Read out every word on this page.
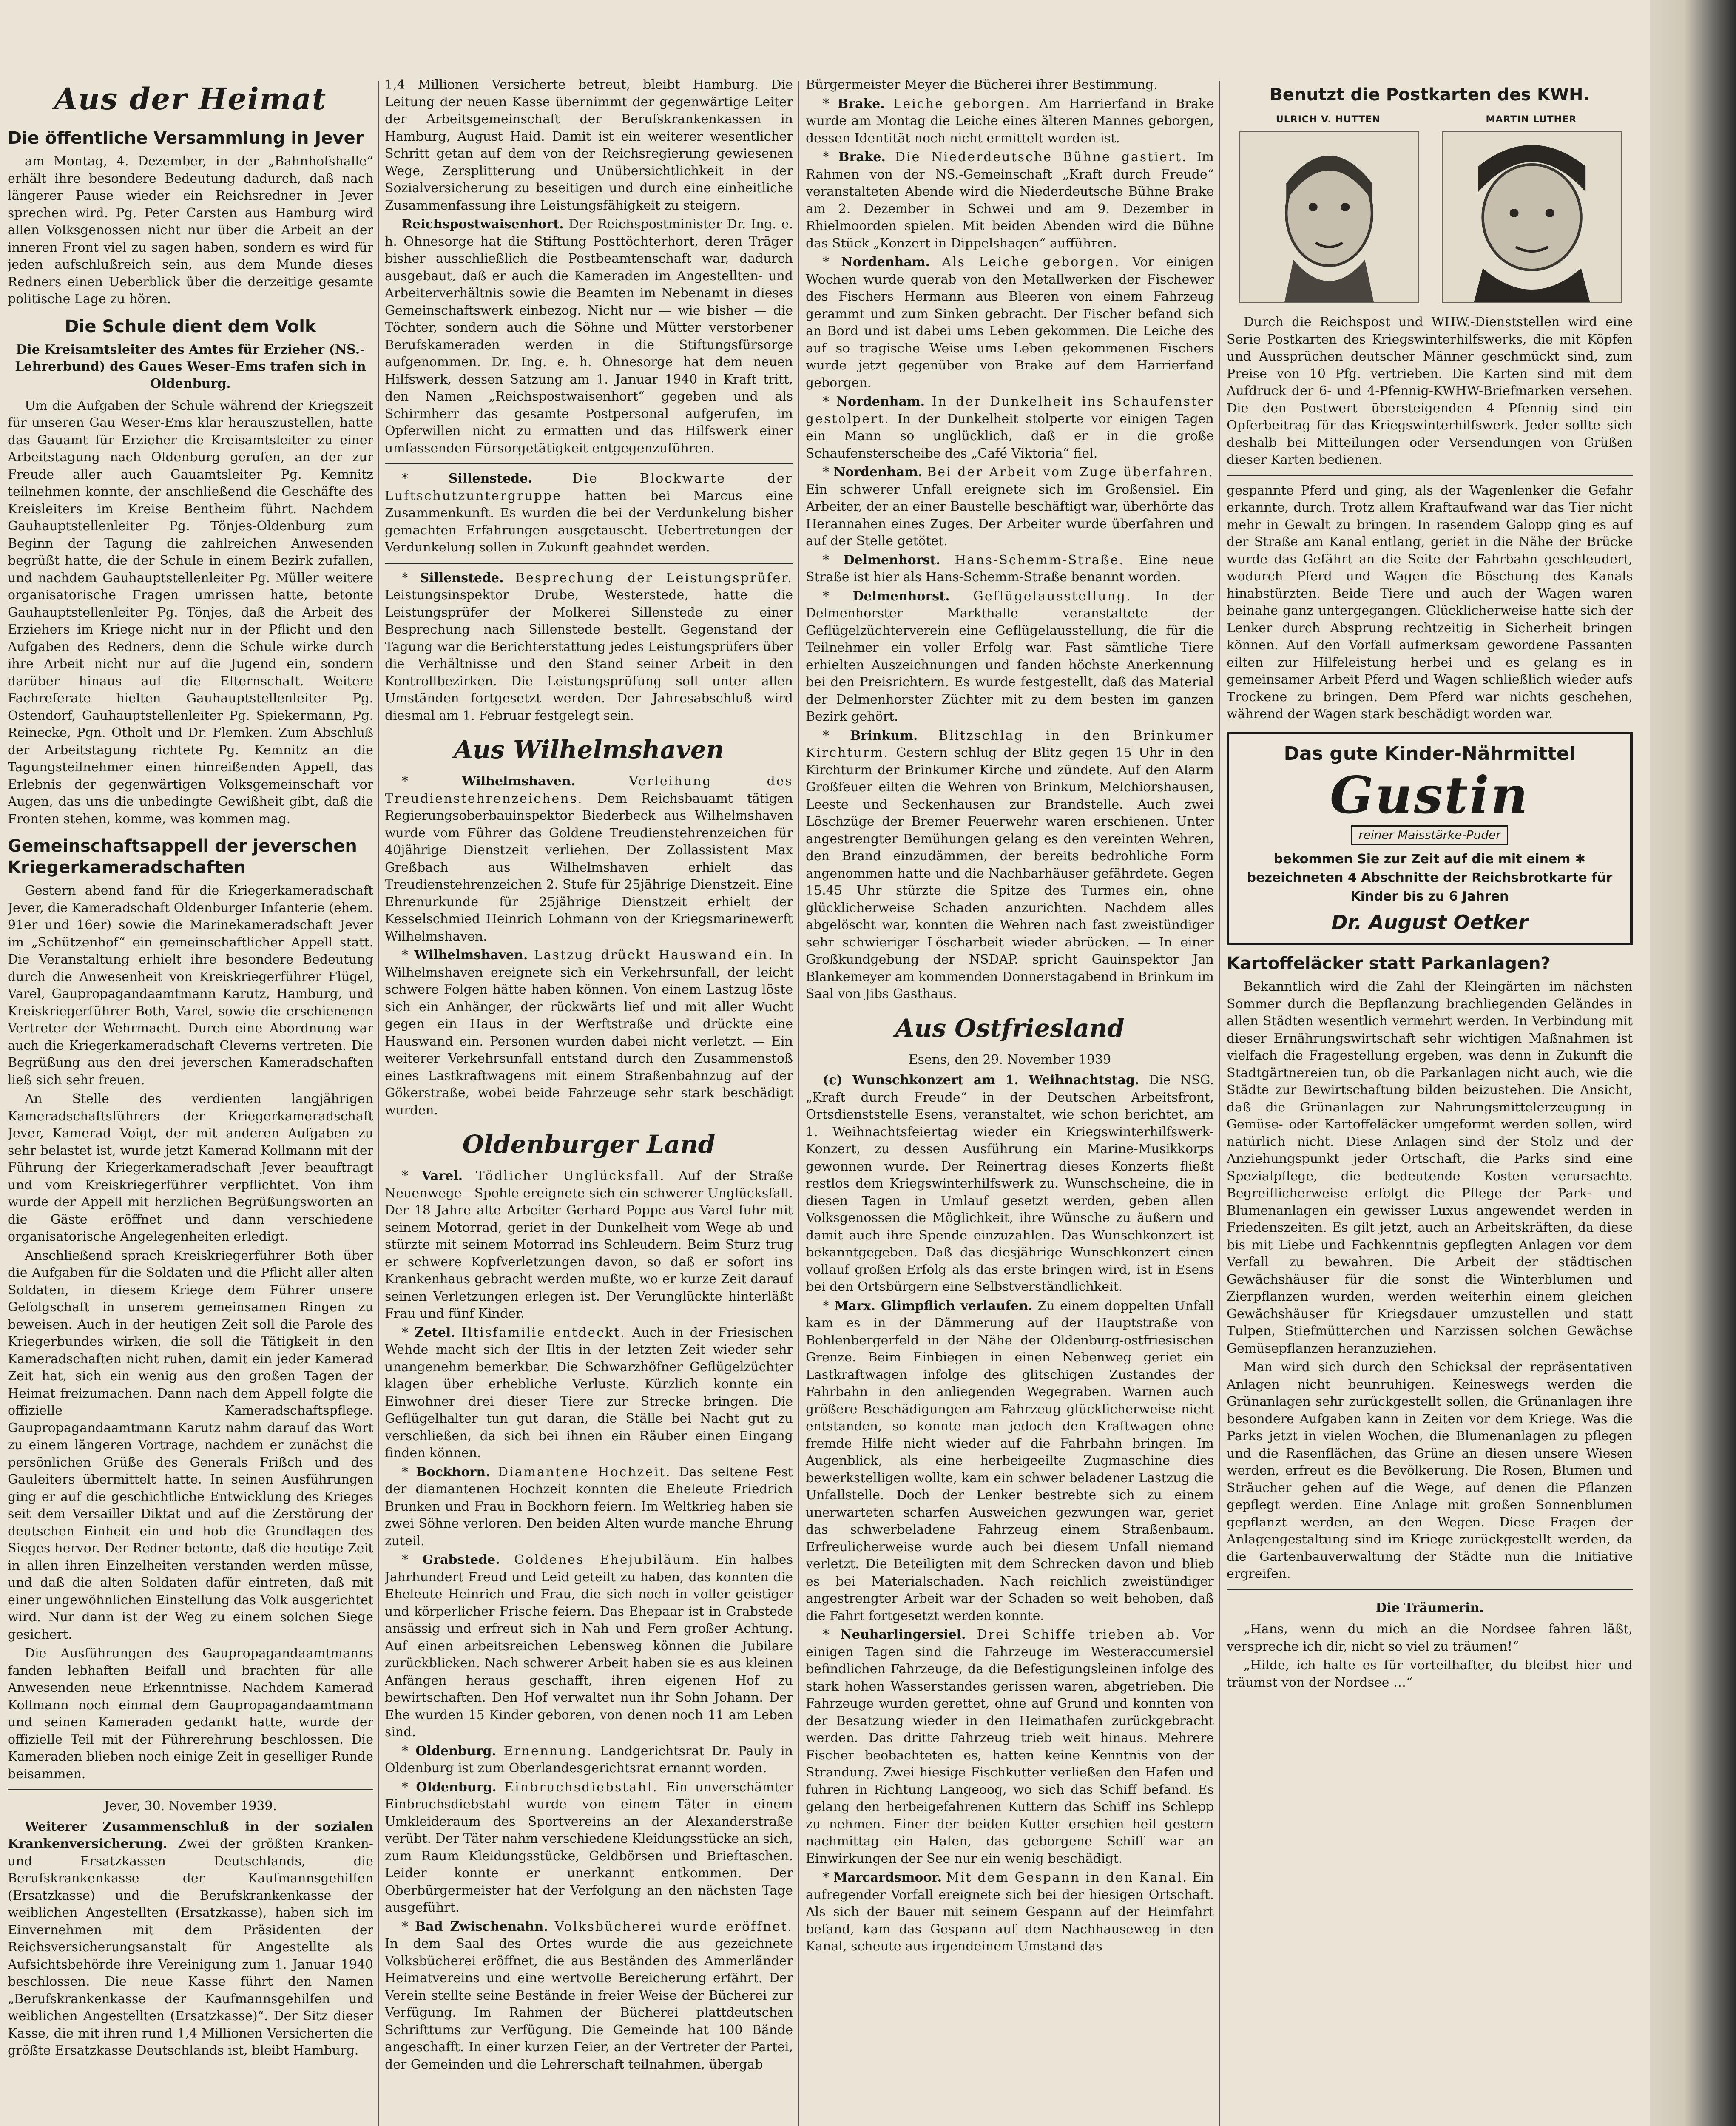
Aus der Heimat
Die öffentliche Versammlung in Jever

am Montag, 4. Dezember, in der „Bahnhofshalle“ erhält ihre besondere Bedeutung dadurch, daß nach längerer Pause wieder ein Reichsredner in Jever sprechen wird. Pg. Peter Carsten aus Hamburg wird allen Volksgenossen nicht nur über die Arbeit an der inneren Front viel zu sagen haben, sondern es wird für jeden aufschlußreich sein, aus dem Munde dieses Redners einen Ueberblick über die derzeitige gesamte politische Lage zu hören.

Die Schule dient dem Volk
Die Kreisamtsleiter des Amtes für Erzieher (NS.-Lehrerbund) des Gaues Weser-Ems trafen sich in Oldenburg.

Um die Aufgaben der Schule während der Kriegszeit für unseren Gau Weser-Ems klar herauszustellen, hatte das Gauamt für Erzieher die Kreisamtsleiter zu einer Arbeitstagung nach Oldenburg gerufen, an der zur Freude aller auch Gauamtsleiter Pg. Kemnitz teilnehmen konnte, der anschließend die Geschäfte des Kreisleiters im Kreise Bentheim führt. Nachdem Gauhauptstellenleiter Pg. Tönjes-Oldenburg zum Beginn der Tagung die zahlreichen Anwesenden begrüßt hatte, die der Schule in einem Bezirk zufallen, und nachdem Gauhauptstellenleiter Pg. Müller weitere organisatorische Fragen umrissen hatte, betonte Gauhauptstellenleiter Pg. Tönjes, daß die Arbeit des Erziehers im Kriege nicht nur in der Pflicht und den Aufgaben des Redners, denn die Schule wirke durch ihre Arbeit nicht nur auf die Jugend ein, sondern darüber hinaus auf die Elternschaft. Weitere Fachreferate hielten Gauhauptstellenleiter Pg. Ostendorf, Gauhauptstellenleiter Pg. Spiekermann, Pg. Reinecke, Pgn. Otholt und Dr. Flemken. Zum Abschluß der Arbeitstagung richtete Pg. Kemnitz an die Tagungsteilnehmer einen hinreißenden Appell, das Erlebnis der gegenwärtigen Volksgemeinschaft vor Augen, das uns die unbedingte Gewißheit gibt, daß die Fronten stehen, komme, was kommen mag.

Gemeinschaftsappell der jeverschen Kriegerkameradschaften

Gestern abend fand für die Kriegerkameradschaft Jever, die Kameradschaft Oldenburger Infanterie (ehem. 91er und 16er) sowie die Marinekameradschaft Jever im „Schützenhof“ ein gemeinschaftlicher Appell statt. Die Veranstaltung erhielt ihre besondere Bedeutung durch die Anwesenheit von Kreiskriegerführer Flügel, Varel, Gaupropagandaamtmann Karutz, Hamburg, und Kreiskriegerführer Both, Varel, sowie die erschienenen Vertreter der Wehrmacht. Durch eine Abordnung war auch die Kriegerkameradschaft Cleverns vertreten. Die Begrüßung aus den drei jeverschen Kameradschaften ließ sich sehr freuen.

An Stelle des verdienten langjährigen Kameradschaftsführers der Kriegerkameradschaft Jever, Kamerad Voigt, der mit anderen Aufgaben zu sehr belastet ist, wurde jetzt Kamerad Kollmann mit der Führung der Kriegerkameradschaft Jever beauftragt und vom Kreiskriegerführer verpflichtet. Von ihm wurde der Appell mit herzlichen Begrüßungsworten an die Gäste eröffnet und dann verschiedene organisatorische Angelegenheiten erledigt.

Anschließend sprach Kreiskriegerführer Both über die Aufgaben für die Soldaten und die Pflicht aller alten Soldaten, in diesem Kriege dem Führer unsere Gefolgschaft in unserem gemeinsamen Ringen zu beweisen. Auch in der heutigen Zeit soll die Parole des Kriegerbundes wirken, die soll die Tätigkeit in den Kameradschaften nicht ruhen, damit ein jeder Kamerad Zeit hat, sich ein wenig aus den großen Tagen der Heimat freizumachen. Dann nach dem Appell folgte die offizielle Kameradschaftspflege. Gaupropagandaamtmann Karutz nahm darauf das Wort zu einem längeren Vortrage, nachdem er zunächst die persönlichen Grüße des Generals Frißch und des Gauleiters übermittelt hatte. In seinen Ausführungen ging er auf die geschichtliche Entwicklung des Krieges seit dem Versailler Diktat und auf die Zerstörung der deutschen Einheit ein und hob die Grundlagen des Sieges hervor. Der Redner betonte, daß die heutige Zeit in allen ihren Einzelheiten verstanden werden müsse, und daß die alten Soldaten dafür eintreten, daß mit einer ungewöhnlichen Einstellung das Volk ausgerichtet wird. Nur dann ist der Weg zu einem solchen Siege gesichert.

Die Ausführungen des Gaupropagandaamtmanns fanden lebhaften Beifall und brachten für alle Anwesenden neue Erkenntnisse. Nachdem Kamerad Kollmann noch einmal dem Gaupropagandaamtmann und seinen Kameraden gedankt hatte, wurde der offizielle Teil mit der Führerehrung beschlossen. Die Kameraden blieben noch einige Zeit in geselliger Runde beisammen.

Jever, 30. November 1939.

Weiterer Zusammenschluß in der sozialen Krankenversicherung. Zwei der größten Kranken- und Ersatzkassen Deutschlands, die Berufskrankenkasse der Kaufmannsgehilfen (Ersatzkasse) und die Berufskrankenkasse der weiblichen Angestellten (Ersatzkasse), haben sich im Einvernehmen mit dem Präsidenten der Reichsversicherungsanstalt für Angestellte als Aufsichtsbehörde ihre Vereinigung zum 1. Januar 1940 beschlossen. Die neue Kasse führt den Namen „Berufskrankenkasse der Kaufmannsgehilfen und weiblichen Angestellten (Ersatzkasse)“. Der Sitz dieser Kasse, die mit ihren rund 1,4 Millionen Versicherten die größte Ersatzkasse Deutschlands ist, bleibt Hamburg.

1,4 Millionen Versicherte betreut, bleibt Hamburg. Die Leitung der neuen Kasse übernimmt der gegenwärtige Leiter der Arbeitsgemeinschaft der Berufskrankenkassen in Hamburg, August Haid. Damit ist ein weiterer wesentlicher Schritt getan auf dem von der Reichsregierung gewiesenen Wege, Zersplitterung und Unübersichtlichkeit in der Sozialversicherung zu beseitigen und durch eine einheitliche Zusammenfassung ihre Leistungsfähigkeit zu steigern.

Reichspostwaisenhort. Der Reichspostminister Dr. Ing. e. h. Ohnesorge hat die Stiftung Posttöchterhort, deren Träger bisher ausschließlich die Postbeamtenschaft war, dadurch ausgebaut, daß er auch die Kameraden im Angestellten- und Arbeiterverhältnis sowie die Beamten im Nebenamt in dieses Gemeinschaftswerk einbezog. Nicht nur — wie bisher — die Töchter, sondern auch die Söhne und Mütter verstorbener Berufskameraden werden in die Stiftungsfürsorge aufgenommen. Dr. Ing. e. h. Ohnesorge hat dem neuen Hilfswerk, dessen Satzung am 1. Januar 1940 in Kraft tritt, den Namen „Reichspostwaisenhort“ gegeben und als Schirmherr das gesamte Postpersonal aufgerufen, im Opferwillen nicht zu ermatten und das Hilfswerk einer umfassenden Fürsorgetätigkeit entgegenzuführen.

* Sillenstede.	Die Blockwarte der Luftschutzuntergruppe hatten bei Marcus eine Zusammenkunft. Es wurden die bei der Verdunkelung bisher gemachten Erfahrungen ausgetauscht. Uebertretungen der Verdunkelung sollen in Zukunft geahndet werden.

* Sillenstede. Besprechung der Leistungsprüfer. Leistungsinspektor Drube, Westerstede, hatte die Leistungsprüfer der Molkerei Sillenstede zu einer Besprechung nach Sillenstede bestellt. Gegenstand der Tagung war die Berichterstattung jedes Leistungsprüfers über die Verhältnisse und den Stand seiner Arbeit in den Kontrollbezirken. Die Leistungsprüfung soll unter allen Umständen fortgesetzt werden. Der Jahresabschluß wird diesmal am 1. Februar festgelegt sein.

Aus Wilhelmshaven

* Wilhelmshaven.	Verleihung des Treudienstehrenzeichens. Dem Reichsbauamt tätigen Regierungsoberbauinspektor Biederbeck aus Wilhelmshaven wurde vom Führer das Goldene Treudienstehrenzeichen für 40jährige Dienstzeit verliehen. Der Zollassistent Max Greßbach aus Wilhelmshaven erhielt das Treudienstehrenzeichen 2. Stufe für 25jährige Dienstzeit. Eine Ehrenurkunde für 25jährige Dienstzeit erhielt der Kesselschmied Heinrich Lohmann von der Kriegsmarinewerft Wilhelmshaven.

* Wilhelmshaven. Lastzug drückt Hauswand ein. In Wilhelmshaven ereignete sich ein Verkehrsunfall, der leicht schwere Folgen hätte haben können. Von einem Lastzug löste sich ein Anhänger, der rückwärts lief und mit aller Wucht gegen ein Haus in der Werftstraße und drückte eine Hauswand ein. Personen wurden dabei nicht verletzt. — Ein weiterer Verkehrsunfall entstand durch den Zusammenstoß eines Lastkraftwagens mit einem Straßenbahnzug auf der Gökerstraße, wobei beide Fahrzeuge sehr stark beschädigt wurden.

Oldenburger Land

* Varel. Tödlicher Unglücksfall. Auf der Straße Neuenwege—Spohle ereignete sich ein schwerer Unglücksfall. Der 18 Jahre alte Arbeiter Gerhard Poppe aus Varel fuhr mit seinem Motorrad, geriet in der Dunkelheit vom Wege ab und stürzte mit seinem Motorrad ins Schleudern. Beim Sturz trug er schwere Kopfverletzungen davon, so daß er sofort ins Krankenhaus gebracht werden mußte, wo er kurze Zeit darauf seinen Verletzungen erlegen ist. Der Verunglückte hinterläßt Frau und fünf Kinder.

* Zetel. Iltisfamilie entdeckt. Auch in der Friesischen Wehde macht sich der Iltis in der letzten Zeit wieder sehr unangenehm bemerkbar. Die Schwarzhöfner Geflügelzüchter klagen über erhebliche Verluste. Kürzlich konnte ein Einwohner drei dieser Tiere zur Strecke bringen. Die Geflügelhalter tun gut daran, die Ställe bei Nacht gut zu verschließen, da sich bei ihnen ein Räuber einen Eingang finden können.

* Bockhorn. Diamantene Hochzeit. Das seltene Fest der diamantenen Hochzeit konnten die Eheleute Friedrich Brunken und Frau in Bockhorn feiern. Im Weltkrieg haben sie zwei Söhne verloren. Den beiden Alten wurde manche Ehrung zuteil.

* Grabstede. Goldenes Ehejubiläum. Ein halbes Jahrhundert Freud und Leid geteilt zu haben, das konnten die Eheleute Heinrich und Frau, die sich noch in voller geistiger und körperlicher Frische feiern. Das Ehepaar ist in Grabstede ansässig und erfreut sich in Nah und Fern großer Achtung. Auf einen arbeitsreichen Lebensweg können die Jubilare zurückblicken. Nach schwerer Arbeit haben sie es aus kleinen Anfängen heraus geschafft, ihren eigenen Hof zu bewirtschaften. Den Hof verwaltet nun ihr Sohn Johann. Der Ehe wurden 15 Kinder geboren, von denen noch 11 am Leben sind.

* Oldenburg. Ernennung. Landgerichtsrat Dr. Pauly in Oldenburg ist zum Oberlandesgerichtsrat ernannt worden.

* Oldenburg. Einbruchsdiebstahl. Ein unverschämter Einbruchsdiebstahl wurde von einem Täter in einem Umkleideraum des Sportvereins an der Alexanderstraße verübt. Der Täter nahm verschiedene Kleidungsstücke an sich, zum Raum Kleidungsstücke, Geldbörsen und Brieftaschen. Leider konnte er unerkannt entkommen. Der Oberbürgermeister hat der Verfolgung an den nächsten Tage ausgeführt.

* Bad Zwischenahn. Volksbücherei wurde eröffnet. In dem Saal des Ortes wurde die aus gezeichnete Volksbücherei eröffnet, die aus Beständen des Ammerländer Heimatvereins und eine wertvolle Bereicherung erfährt. Der Verein stellte seine Bestände in freier Weise der Bücherei zur Verfügung. Im Rahmen der Bücherei plattdeutschen Schrifttums zur Verfügung. Die Gemeinde hat 100 Bände angeschafft. In einer kurzen Feier, an der Vertreter der Partei, der Gemeinden und die Lehrerschaft teilnahmen, übergab

Bürgermeister Meyer die Bücherei ihrer Bestimmung.

* Brake. Leiche geborgen. Am Harrierfand in Brake wurde am Montag die Leiche eines älteren Mannes geborgen, dessen Identität noch nicht ermittelt worden ist.

* Brake. Die Niederdeutsche Bühne gastiert. Im Rahmen von der NS.-Gemeinschaft „Kraft durch Freude“ veranstalteten Abende wird die Niederdeutsche Bühne Brake am 2. Dezember in Schwei und am 9. Dezember in Rhielmoorden spielen. Mit beiden Abenden wird die Bühne das Stück „Konzert in Dippelshagen“ aufführen.

* Nordenham. Als Leiche geborgen. Vor einigen Wochen wurde querab von den Metallwerken der Fischewer des Fischers Hermann aus Bleeren von einem Fahrzeug gerammt und zum Sinken gebracht. Der Fischer befand sich an Bord und ist dabei ums Leben gekommen. Die Leiche des auf so tragische Weise ums Leben gekommenen Fischers wurde jetzt gegenüber von Brake auf dem Harrierfand geborgen.

* Nordenham. In der Dunkelheit ins Schaufenster gestolpert. In der Dunkelheit stolperte vor einigen Tagen ein Mann so unglücklich, daß er in die große Schaufensterscheibe des „Café Viktoria“ fiel.

* Nordenham. Bei der Arbeit vom Zuge überfahren. Ein schwerer Unfall ereignete sich im Großensiel. Ein Arbeiter, der an einer Baustelle beschäftigt war, überhörte das Herannahen eines Zuges. Der Arbeiter wurde überfahren und auf der Stelle getötet.

* Delmenhorst. Hans-Schemm-Straße. Eine neue Straße ist hier als Hans-Schemm-Straße benannt worden.

* Delmenhorst. Geflügelausstellung. In der Delmenhorster Markthalle veranstaltete der Geflügelzüchterverein eine Geflügelausstellung, die für die Teilnehmer ein voller Erfolg war. Fast sämtliche Tiere erhielten Auszeichnungen und fanden höchste Anerkennung bei den Preisrichtern. Es wurde festgestellt, daß das Material der Delmenhorster Züchter mit zu dem besten im ganzen Bezirk gehört.

* Brinkum. Blitzschlag in den Brinkumer Kirchturm. Gestern schlug der Blitz gegen 15 Uhr in den Kirchturm der Brinkumer Kirche und zündete. Auf den Alarm Großfeuer eilten die Wehren von Brinkum, Melchiorshausen, Leeste und Seckenhausen zur Brandstelle. Auch zwei Löschzüge der Bremer Feuerwehr waren erschienen. Unter angestrengter Bemühungen gelang es den vereinten Wehren, den Brand einzudämmen, der bereits bedrohliche Form angenommen hatte und die Nachbarhäuser gefährdete. Gegen 15.45 Uhr stürzte die Spitze des Turmes ein, ohne glücklicherweise Schaden anzurichten. Nachdem alles abgelöscht war, konnten die Wehren nach fast zweistündiger sehr schwieriger Löscharbeit wieder abrücken. — In einer Großkundgebung der NSDAP. spricht Gauinspektor Jan Blankemeyer am kommenden Donnerstagabend in Brinkum im Saal von Jibs Gasthaus.

Aus Ostfriesland
Esens, den 29. November 1939

(c) Wunschkonzert am 1. Weihnachtstag. Die NSG. „Kraft durch Freude“ in der Deutschen Arbeitsfront, Ortsdienststelle Esens, veranstaltet, wie schon berichtet, am 1. Weihnachtsfeiertag wieder ein Kriegswinterhilfswerk-Konzert, zu dessen Ausführung ein Marine-Musikkorps gewonnen wurde. Der Reinertrag dieses Konzerts fließt restlos dem Kriegswinterhilfswerk zu. Wunschscheine, die in diesen Tagen in Umlauf gesetzt werden, geben allen Volksgenossen die Möglichkeit, ihre Wünsche zu äußern und damit auch ihre Spende einzuzahlen. Das Wunschkonzert ist bekanntgegeben. Daß das diesjährige Wunschkonzert einen vollauf großen Erfolg als das erste bringen wird, ist in Esens bei den Ortsbürgern eine Selbstverständlichkeit.

* Marx. Glimpflich verlaufen. Zu einem doppelten Unfall kam es in der Dämmerung auf der Hauptstraße von Bohlenbergerfeld in der Nähe der Oldenburg-ostfriesischen Grenze. Beim Einbiegen in einen Nebenweg geriet ein Lastkraftwagen infolge des glitschigen Zustandes der Fahrbahn in den anliegenden Wegegraben. Warnen auch größere Beschädigungen am Fahrzeug glücklicherweise nicht entstanden, so konnte man jedoch den Kraftwagen ohne fremde Hilfe nicht wieder auf die Fahrbahn bringen. Im Augenblick, als eine herbeigeeilte Zugmaschine dies bewerkstelligen wollte, kam ein schwer beladener Lastzug die Unfallstelle. Doch der Lenker bestrebte sich zu einem unerwarteten scharfen Ausweichen gezwungen war, geriet das schwerbeladene Fahrzeug einem Straßenbaum. Erfreulicherweise wurde auch bei diesem Unfall niemand verletzt. Die Beteiligten mit dem Schrecken davon und blieb es bei Materialschaden. Nach reichlich zweistündiger angestrengter Arbeit war der Schaden so weit behoben, daß die Fahrt fortgesetzt werden konnte.

* Neuharlingersiel. Drei Schiffe trieben ab. Vor einigen Tagen sind die Fahrzeuge im Westeraccumersiel befindlichen Fahrzeuge, da die Befestigungsleinen infolge des stark hohen Wasserstandes gerissen waren, abgetrieben. Die Fahrzeuge wurden gerettet, ohne auf Grund und konnten von der Besatzung wieder in den Heimathafen zurückgebracht werden. Das dritte Fahrzeug trieb weit hinaus. Mehrere Fischer beobachteten es, hatten keine Kenntnis von der Strandung. Zwei hiesige Fischkutter verließen den Hafen und fuhren in Richtung Langeoog, wo sich das Schiff befand. Es gelang den herbeigefahrenen Kuttern das Schiff ins Schlepp zu nehmen. Einer der beiden Kutter erschien heil gestern nachmittag ein Hafen, das geborgene Schiff war an Einwirkungen der See nur ein wenig beschädigt.

* Marcardsmoor. Mit dem Gespann in den Kanal. Ein aufregender Vorfall ereignete sich bei der hiesigen Ortschaft. Als sich der Bauer mit seinem Gespann auf der Heimfahrt befand, kam das Gespann auf dem Nachhauseweg in den Kanal, scheute aus irgendeinem Umstand das

Benutzt die Postkarten des KWH.
ULRICH V. HUTTEN	MARTIN LUTHER

Durch die Reichspost und WHW.-Dienststellen wird eine Serie Postkarten des Kriegswinterhilfswerks, die mit Köpfen und Aussprüchen deutscher Männer geschmückt sind, zum Preise von 10 Pfg. vertrieben. Die Karten sind mit dem Aufdruck der 6- und 4-Pfennig-KWHW-Briefmarken versehen. Die den Postwert übersteigenden 4 Pfennig sind ein Opferbeitrag für das Kriegswinterhilfswerk. Jeder sollte sich deshalb bei Mitteilungen oder Versendungen von Grüßen dieser Karten bedienen.

gespannte Pferd und ging, als der Wagenlenker die Gefahr erkannte, durch. Trotz allem Kraftaufwand war das Tier nicht mehr in Gewalt zu bringen. In rasendem Galopp ging es auf der Straße am Kanal entlang, geriet in die Nähe der Brücke wurde das Gefährt an die Seite der Fahrbahn geschleudert, wodurch Pferd und Wagen die Böschung des Kanals hinabstürzten. Beide Tiere und auch der Wagen waren beinahe ganz untergegangen. Glücklicherweise hatte sich der Lenker durch Absprung rechtzeitig in Sicherheit bringen können. Auf den Vorfall aufmerksam gewordene Passanten eilten zur Hilfeleistung herbei und es gelang es in gemeinsamer Arbeit Pferd und Wagen schließlich wieder aufs Trockene zu bringen. Dem Pferd war nichts geschehen, während der Wagen stark beschädigt worden war.

Das gute Kinder-Nährmittel
Gustin
reiner Maisstärke-Puder
bekommen Sie zur Zeit auf die mit einem ✱ bezeichneten 4 Abschnitte der Reichsbrotkarte für Kinder bis zu 6 Jahren
Dr. August Oetker
Kartoffeläcker statt Parkanlagen?

Bekanntlich wird die Zahl der Kleingärten im nächsten Sommer durch die Bepflanzung brachliegenden Geländes in allen Städten wesentlich vermehrt werden. In Verbindung mit dieser Ernährungswirtschaft sehr wichtigen Maßnahmen ist vielfach die Fragestellung ergeben, was denn in Zukunft die Stadtgärtnereien tun, ob die Parkanlagen nicht auch, wie die Städte zur Bewirtschaftung bilden beizustehen. Die Ansicht, daß die Grünanlagen zur Nahrungsmittelerzeugung in Gemüse- oder Kartoffeläcker umgeformt werden sollen, wird natürlich nicht. Diese Anlagen sind der Stolz und der Anziehungspunkt jeder Ortschaft, die Parks sind eine Spezialpflege, die bedeutende Kosten verursachte. Begreiflicherweise erfolgt die Pflege der Park- und Blumenanlagen ein gewisser Luxus angewendet werden in Friedenszeiten. Es gilt jetzt, auch an Arbeitskräften, da diese bis mit Liebe und Fachkenntnis gepflegten Anlagen vor dem Verfall zu bewahren. Die Arbeit der städtischen Gewächshäuser für die sonst die Winterblumen und Zierpflanzen wurden, werden weiterhin einem gleichen Gewächshäuser für Kriegsdauer umzustellen und statt Tulpen, Stiefmütterchen und Narzissen solchen Gewächse Gemüsepflanzen heranzuziehen.

Man wird sich durch den Schicksal der repräsentativen Anlagen nicht beunruhigen. Keineswegs werden die Grünanlagen sehr zurückgestellt sollen, die Grünanlagen ihre besondere Aufgaben kann in Zeiten vor dem Kriege. Was die Parks jetzt in vielen Wochen, die Blumenanlagen zu pflegen und die Rasenflächen, das Grüne an diesen unsere Wiesen werden, erfreut es die Bevölkerung. Die Rosen, Blumen und Sträucher gehen auf die Wege, auf denen die Pflanzen gepflegt werden. Eine Anlage mit großen Sonnenblumen gepflanzt werden, an den Wegen. Diese Fragen der Anlagengestaltung sind im Kriege zurückgestellt werden, da die Gartenbauverwaltung der Städte nun die Initiative ergreifen.

Die Träumerin.

„Hans, wenn du mich an die Nordsee fahren läßt, verspreche ich dir, nicht so viel zu träumen!“

„Hilde, ich halte es für vorteilhafter, du bleibst hier und träumst von der Nordsee …“
